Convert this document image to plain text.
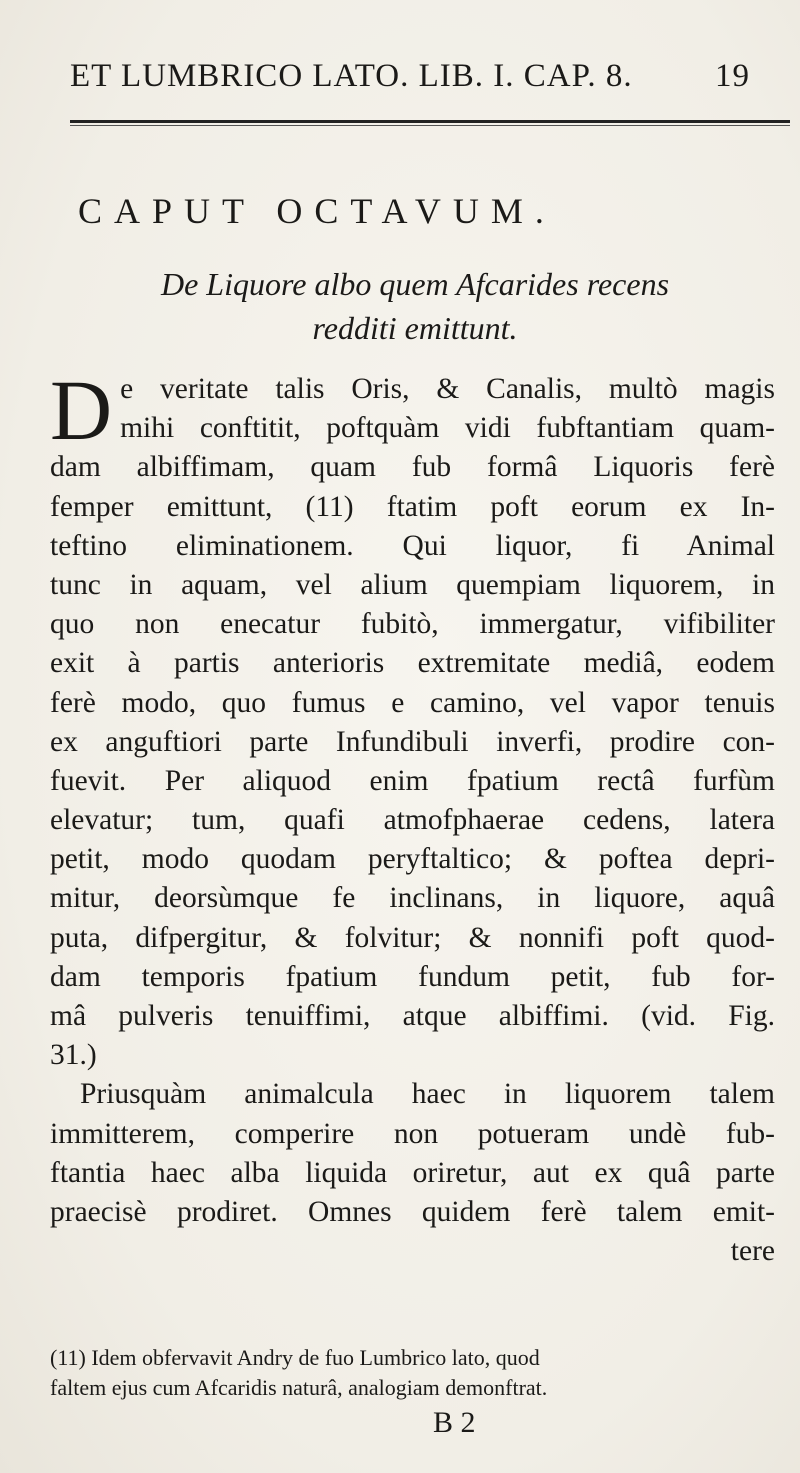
ET LUMBRICO LATO. LIB. I. CAP. 8. 19
CAPUT OCTAVUM.
De Liquore albo quem Afcarides recens
redditi emittunt.
D e veritate talis Oris, & Canalis, multò magis
mihi conftitit, poftquàm vidi fubftantiam quam-
dam albiffimam, quam fub formâ Liquoris ferè
femper emittunt, (11) ftatim poft eorum ex In-
teftino eliminationem. Qui liquor, fi Animal
tunc in aquam, vel alium quempiam liquorem, in
quo non enecatur fubitò, immergatur, vifibiliter
exit à partis anterioris extremitate mediâ, eodem
ferè modo, quo fumus e camino, vel vapor tenuis
ex anguftiori parte Infundibuli inverfi, prodire con-
fuevit. Per aliquod enim fpatium rectâ furfùm
elevatur; tum, quafi atmofphaerae cedens, latera
petit, modo quodam peryftaltico; & poftea depri-
mitur, deorsùmque fe inclinans, in liquore, aquâ
puta, difpergitur, & folvitur; & nonnifi poft quod-
dam temporis fpatium fundum petit, fub for-
mâ pulveris tenuiffimi, atque albiffimi. (vid. Fig.
31.)
Priusquàm animalcula haec in liquorem talem
immitterem, comperire non potueram undè fub-
ftantia haec alba liquida oriretur, aut ex quâ parte
praecisè prodiret. Omnes quidem ferè talem emit-
tere
(11) Idem obfervavit Andry de fuo Lumbrico lato, quod
faltem ejus cum Afcaridis naturâ, analogiam demonftrat.
B 2
